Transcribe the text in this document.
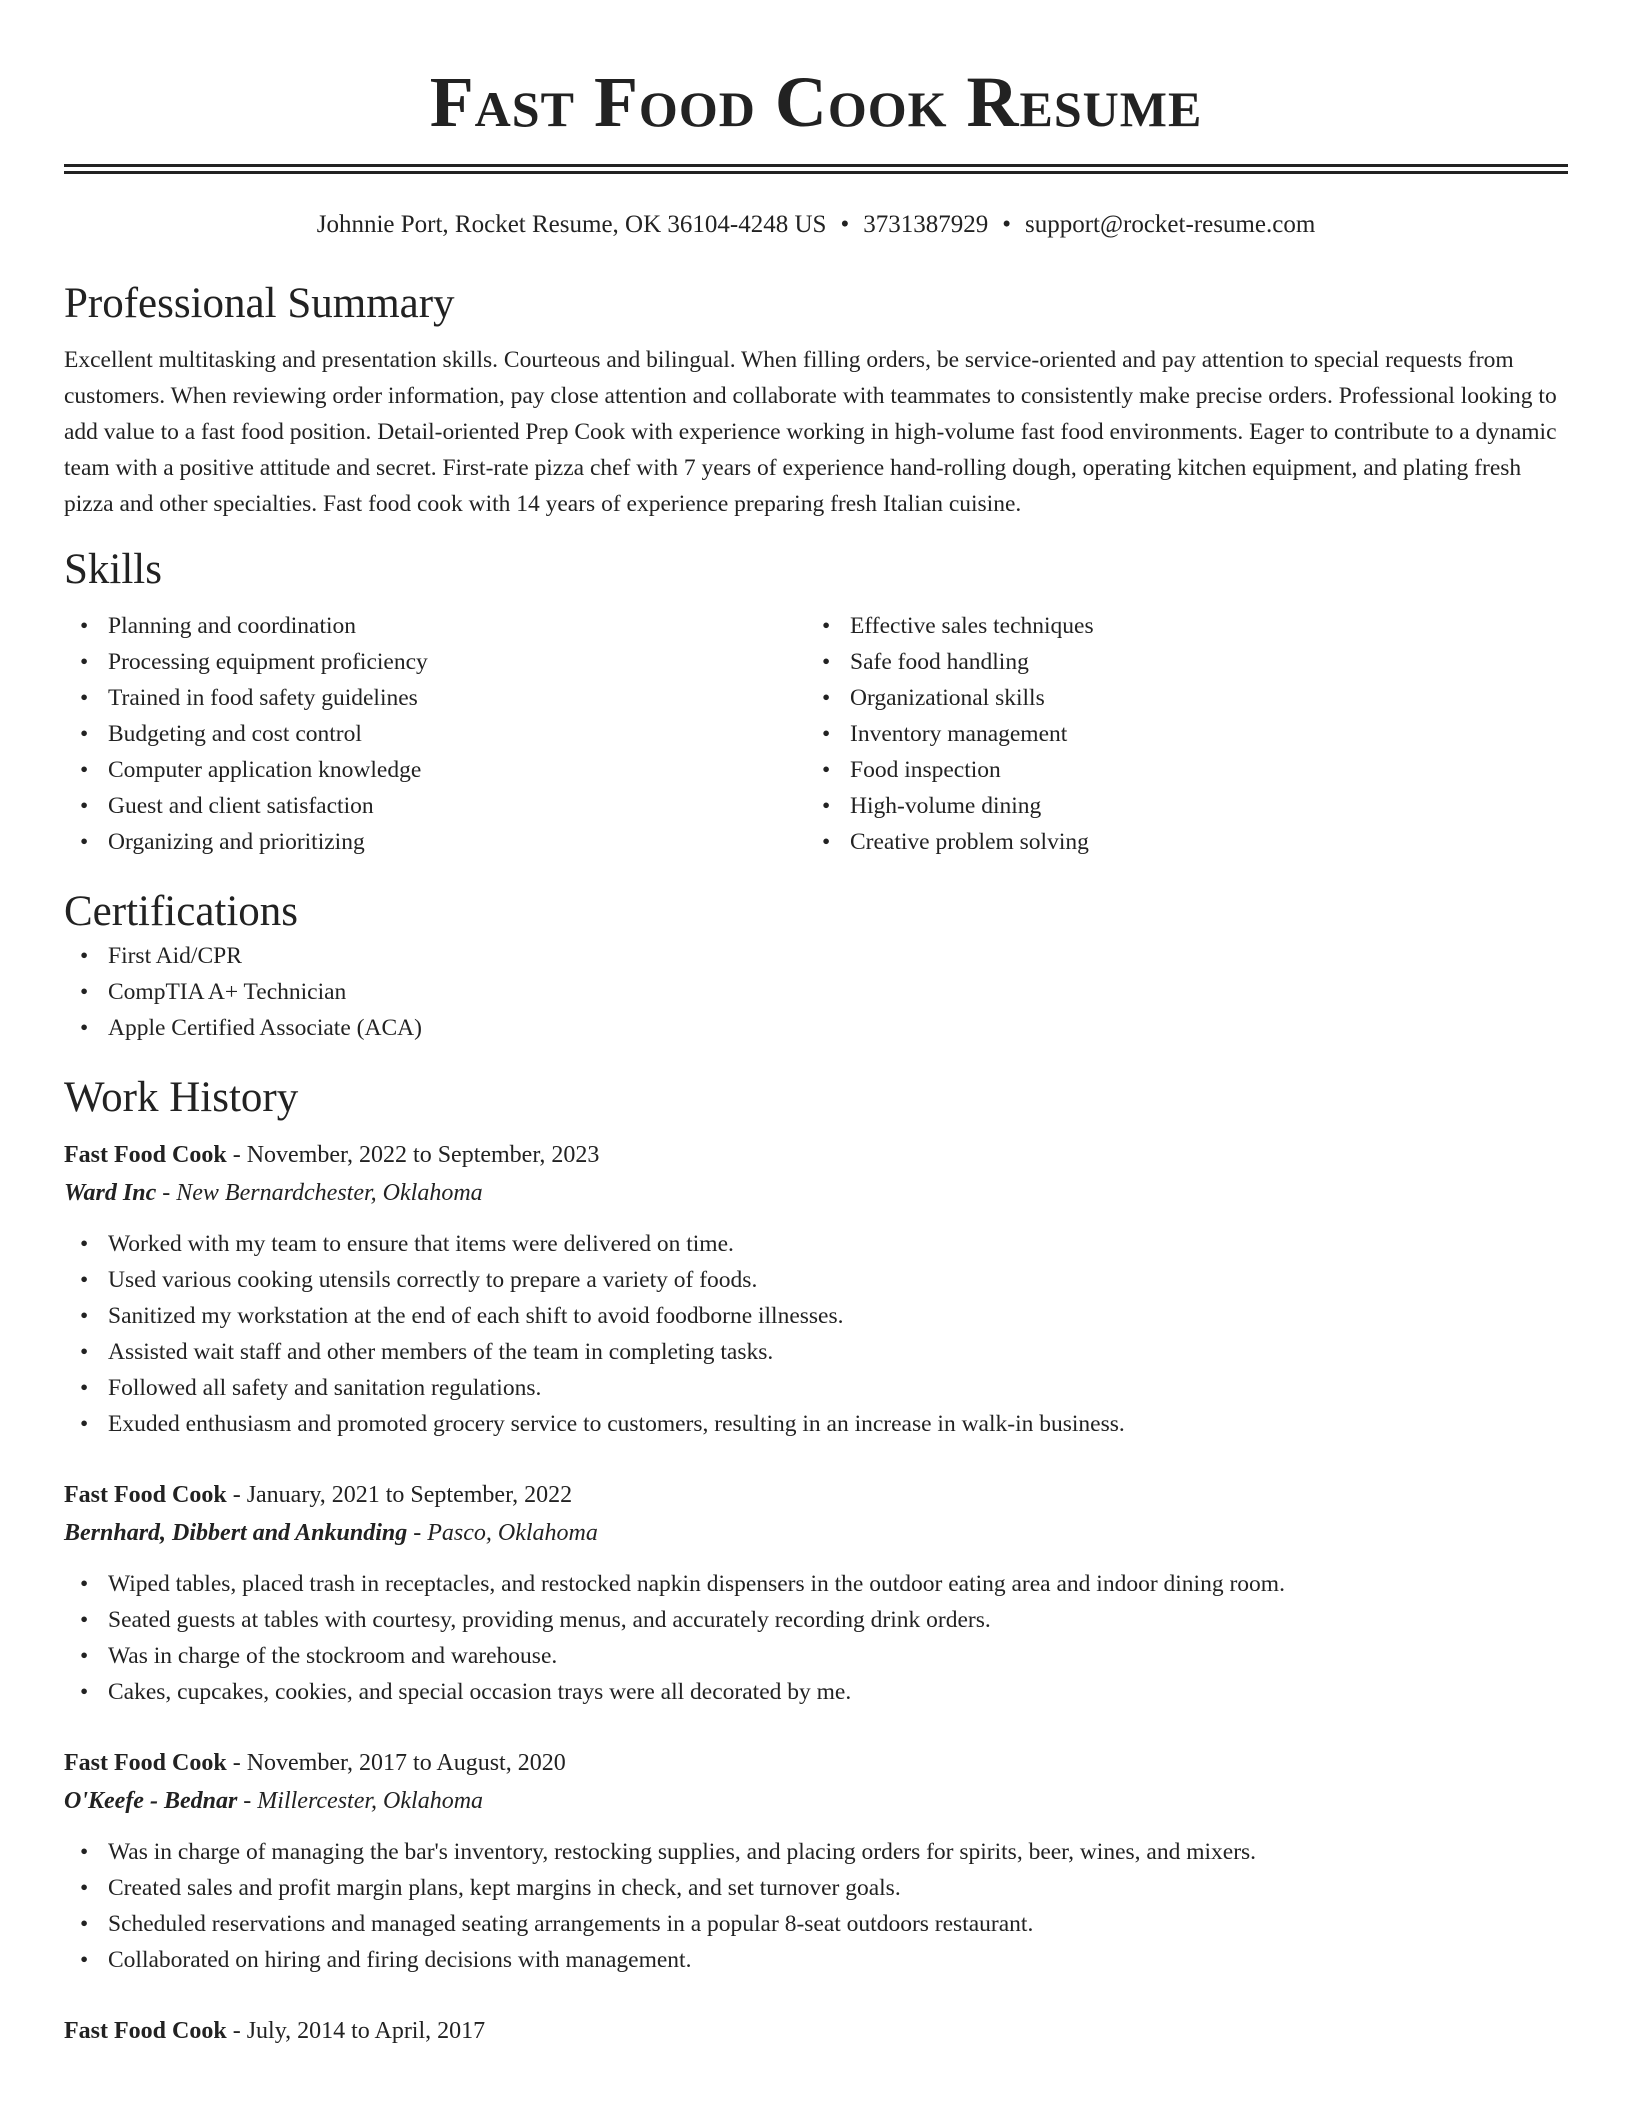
Fast Food Cook Resume
Johnnie Port, Rocket Resume, OK 36104-4248 US • 3731387929 • support@rocket-resume.com
Professional Summary
Excellent multitasking and presentation skills. Courteous and bilingual. When filling orders, be service-oriented and pay attention to special requests from customers. When reviewing order information, pay close attention and collaborate with teammates to consistently make precise orders. Professional looking to add value to a fast food position. Detail-oriented Prep Cook with experience working in high-volume fast food environments. Eager to contribute to a dynamic team with a positive attitude and secret. First-rate pizza chef with 7 years of experience hand-rolling dough, operating kitchen equipment, and plating fresh pizza and other specialties. Fast food cook with 14 years of experience preparing fresh Italian cuisine.
Skills
• Planning and coordination
• Processing equipment proficiency
• Trained in food safety guidelines
• Budgeting and cost control
• Computer application knowledge
• Guest and client satisfaction
• Organizing and prioritizing
• Effective sales techniques
• Safe food handling
• Organizational skills
• Inventory management
• Food inspection
• High-volume dining
• Creative problem solving
Certifications
• First Aid/CPR
• CompTIA A+ Technician
• Apple Certified Associate (ACA)
Work History
Fast Food Cook - November, 2022 to September, 2023
Ward Inc - New Bernardchester, Oklahoma
• Worked with my team to ensure that items were delivered on time.
• Used various cooking utensils correctly to prepare a variety of foods.
• Sanitized my workstation at the end of each shift to avoid foodborne illnesses.
• Assisted wait staff and other members of the team in completing tasks.
• Followed all safety and sanitation regulations.
• Exuded enthusiasm and promoted grocery service to customers, resulting in an increase in walk-in business.
Fast Food Cook - January, 2021 to September, 2022
Bernhard, Dibbert and Ankunding - Pasco, Oklahoma
• Wiped tables, placed trash in receptacles, and restocked napkin dispensers in the outdoor eating area and indoor dining room.
• Seated guests at tables with courtesy, providing menus, and accurately recording drink orders.
• Was in charge of the stockroom and warehouse.
• Cakes, cupcakes, cookies, and special occasion trays were all decorated by me.
Fast Food Cook - November, 2017 to August, 2020
O'Keefe - Bednar - Millercester, Oklahoma
• Was in charge of managing the bar's inventory, restocking supplies, and placing orders for spirits, beer, wines, and mixers.
• Created sales and profit margin plans, kept margins in check, and set turnover goals.
• Scheduled reservations and managed seating arrangements in a popular 8-seat outdoors restaurant.
• Collaborated on hiring and firing decisions with management.
Fast Food Cook - July, 2014 to April, 2017
